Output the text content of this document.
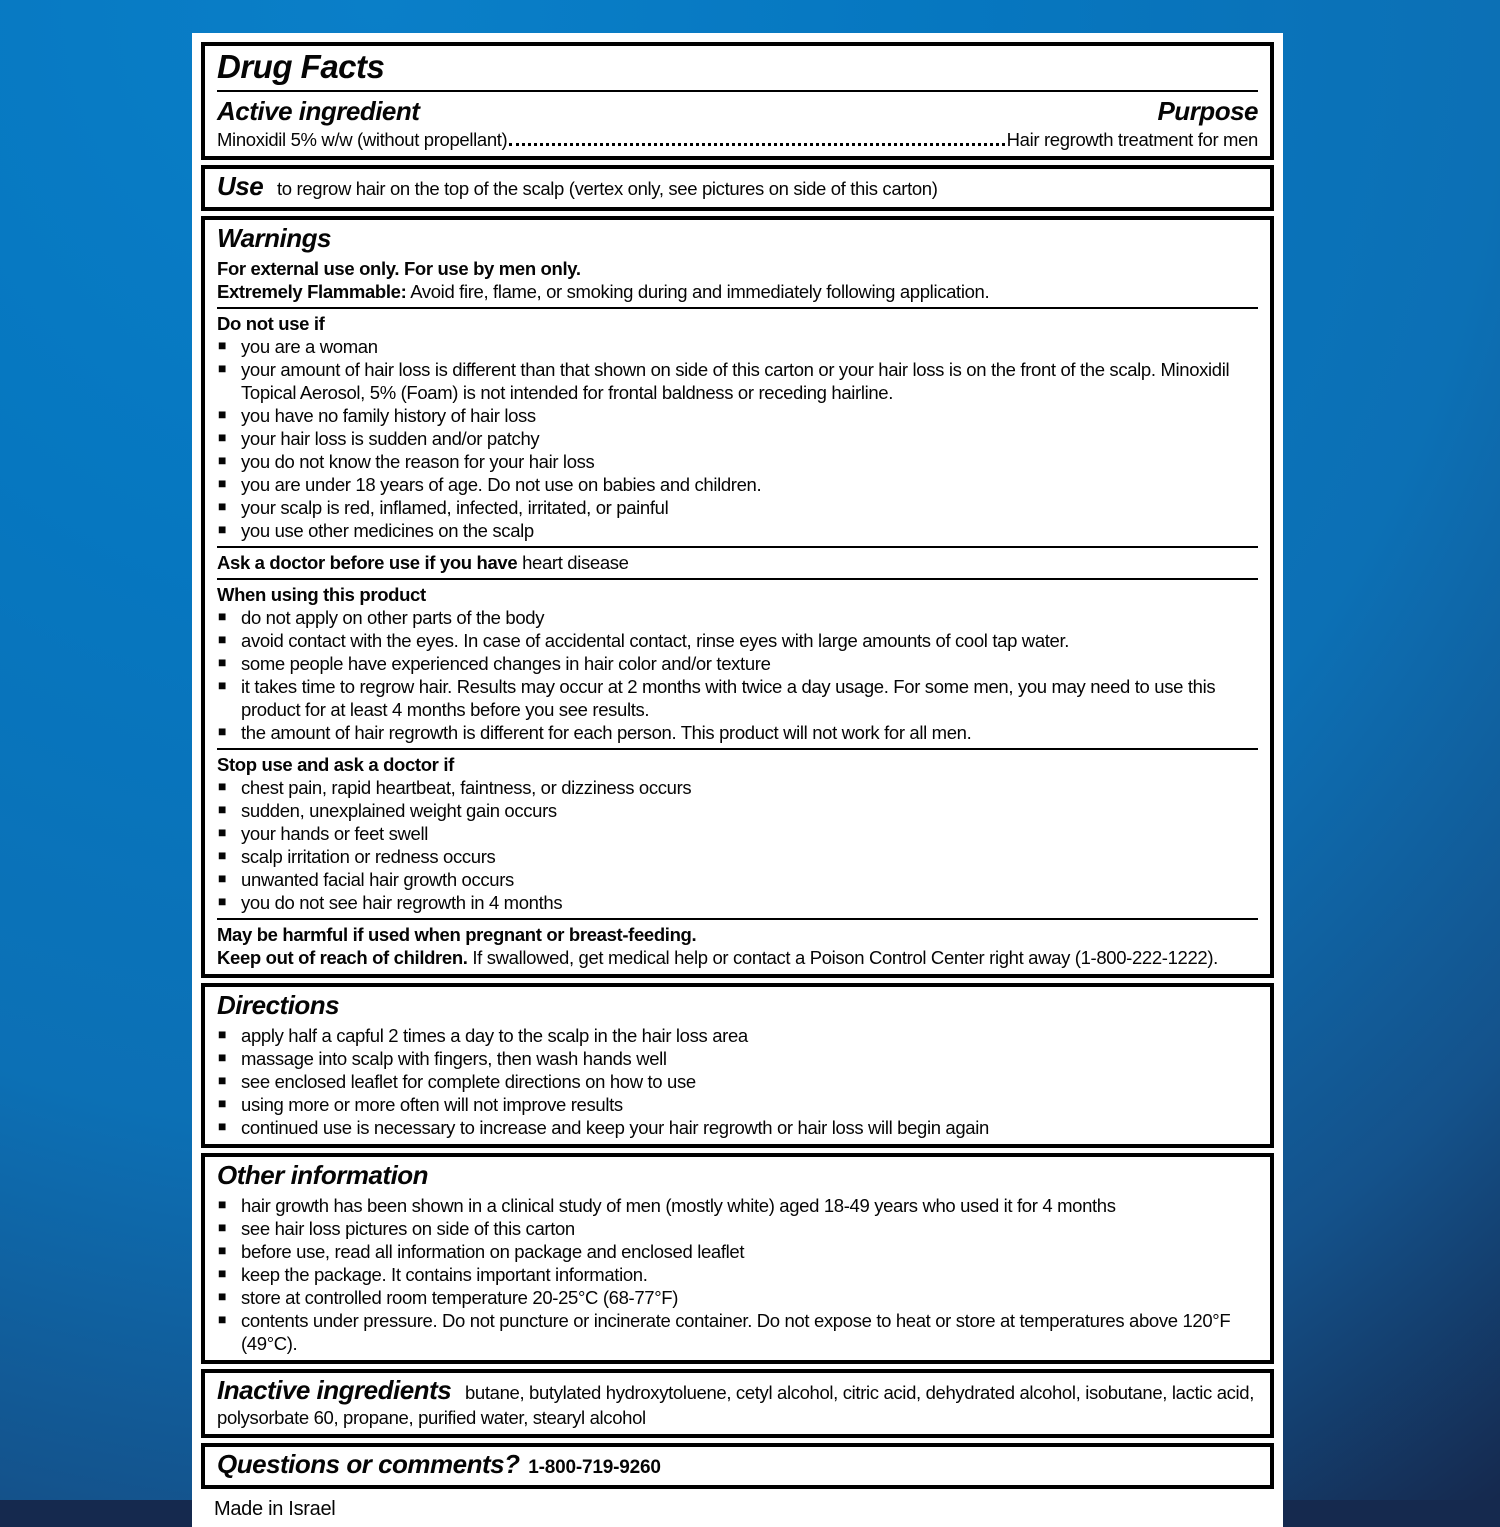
Drug Facts
Active ingredient	Purpose
Minoxidil 5% w/w (without propellant)	Hair regrowth treatment for men

Use to regrow hair on the top of the scalp (vertex only, see pictures on side of this carton)

Warnings

For external use only. For use by men only.

Extremely Flammable: Avoid fire, flame, or smoking during and immediately following application.

Do not use if

■ you are a woman
■ your amount of hair loss is different than that shown on side of this carton or your hair loss is on the front of the scalp. Minoxidil Topical Aerosol, 5% (Foam) is not intended for frontal baldness or receding hairline.
■ you have no family history of hair loss
■ your hair loss is sudden and/or patchy
■ you do not know the reason for your hair loss
■ you are under 18 years of age. Do not use on babies and children.
■ your scalp is red, inflamed, infected, irritated, or painful
■ you use other medicines on the scalp

Ask a doctor before use if you have heart disease

When using this product

■ do not apply on other parts of the body
■ avoid contact with the eyes. In case of accidental contact, rinse eyes with large amounts of cool tap water.
■ some people have experienced changes in hair color and/or texture
■ it takes time to regrow hair. Results may occur at 2 months with twice a day usage. For some men, you may need to use this product for at least 4 months before you see results.
■ the amount of hair regrowth is different for each person. This product will not work for all men.

Stop use and ask a doctor if

■ chest pain, rapid heartbeat, faintness, or dizziness occurs
■ sudden, unexplained weight gain occurs
■ your hands or feet swell
■ scalp irritation or redness occurs
■ unwanted facial hair growth occurs
■ you do not see hair regrowth in 4 months

May be harmful if used when pregnant or breast-feeding.

Keep out of reach of children. If swallowed, get medical help or contact a Poison Control Center right away (1-800-222-1222).

Directions
■ apply half a capful 2 times a day to the scalp in the hair loss area
■ massage into scalp with fingers, then wash hands well
■ see enclosed leaflet for complete directions on how to use
■ using more or more often will not improve results
■ continued use is necessary to increase and keep your hair regrowth or hair loss will begin again
Other information
■ hair growth has been shown in a clinical study of men (mostly white) aged 18-49 years who used it for 4 months
■ see hair loss pictures on side of this carton
■ before use, read all information on package and enclosed leaflet
■ keep the package. It contains important information.
■ store at controlled room temperature 20-25°C (68-77°F)
■ contents under pressure. Do not puncture or incinerate container. Do not expose to heat or store at temperatures above 120°F (49°C).

Inactive ingredients butane, butylated hydroxytoluene, cetyl alcohol, citric acid, dehydrated alcohol, isobutane, lactic acid, polysorbate 60, propane, purified water, stearyl alcohol

Questions or comments? 1-800-719-9260

Made in Israel
